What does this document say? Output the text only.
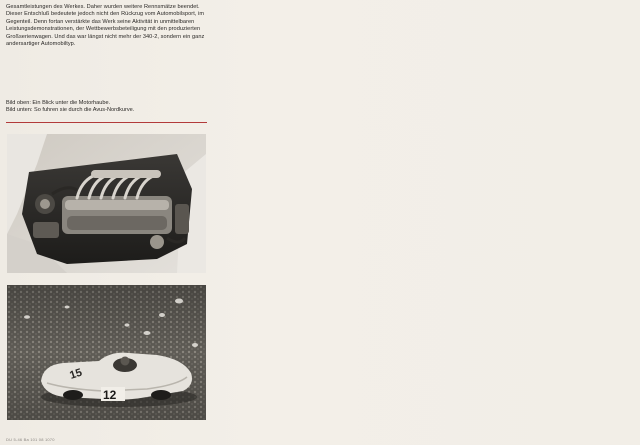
Gesamtleistungen des Werkes. Daher wurden weitere Rennsmätze beendet.

Dieser Entschluß bedeutete jedoch nicht den Rückzug vom Automobilsport, im Gegenteil. Denn fortan verstärkte das Werk seine Aktivität in unmittelbaren Leistungsdemonstrationen, der Wettbewerbsbeteiligung mit den produzierten Großserienwagen. Und das war längst nicht mehr der 340-2, sondern ein ganz andersartiger Automobiltyp.

Bild oben: Ein Blick unter die Motorhaube.

Bild unten: So fuhren sie durch die Avus-Nordkurve.

15
12
DU 5-46 Ba 101 08 1070
